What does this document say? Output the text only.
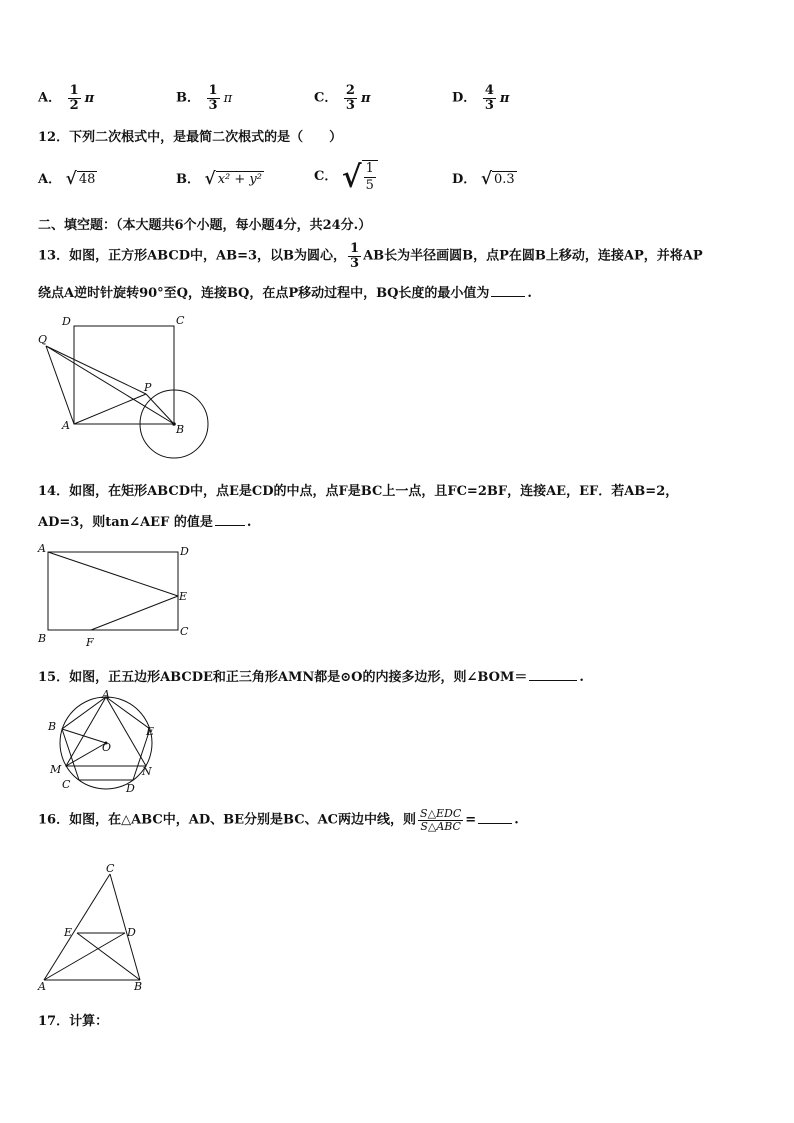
A． $\frac{1}{2}$ π	B． $\frac{1}{3}$ π	C． $\frac{2}{3}$ π	D． $\frac{4}{3}$ π
12．下列二次根式中，是最简二次根式的是（　　）
A． √ 48	B． √ x² + y²	C． √ $\frac{1}{5}$	D． √ 0.3
二、填空题：（本大题共6个小题，每小题4分，共24分.）
13．如图，正方形ABCD中，AB=3，以B为圆心， $\frac{1}{3}$ AB长为半径画圆B，点P在圆B上移动，连接AP，并将AP
绕点A逆时针旋转90°至Q，连接BQ，在点P移动过程中，BQ长度的最小值为	.
D	C
Q
P
A	B
14．如图，在矩形ABCD中，点E是CD的中点，点F是BC上一点，且FC=2BF，连接AE，EF．若AB=2，
AD=3，则tan∠AEF 的值是	.
A	D
E
B	F
C
15．如图，正五边形ABCDE和正三角形AMN都是⊙O的内接多边形，则∠BOM＝	.
A
B	E
O
M	N
C	D
16．如图，在△ABC中，AD、BE分别是BC、AC两边中线，则 $\frac{\text{S△EDC}}{\text{S△ABC}}$ =	.
C
E	D
A	B
17．计算：
